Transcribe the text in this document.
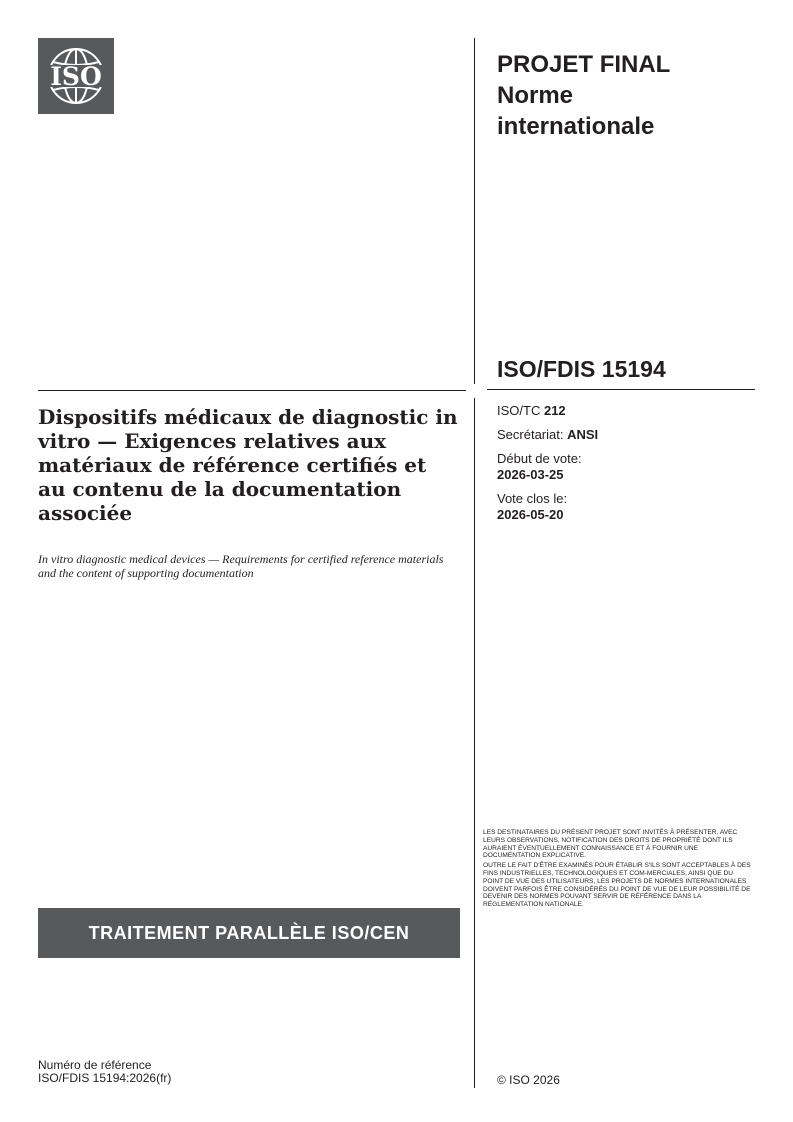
ISO	PROJET FINAL
Norme
internationale
ISO/FDIS 15194
ISO/TC 212
Secrétariat: ANSI
Début de vote:
2026-03-25
Vote clos le:
2026-05-20
Dispositifs médicaux de diagnostic in vitro — Exigences relatives aux matériaux de référence certifiés et au contenu de la documentation associée

In vitro diagnostic medical devices — Requirements for certified reference materials and the content of supporting documentation

TRAITEMENT PARALLÈLE ISO/CEN

LES DESTINATAIRES DU PRÉSENT PROJET SONT INVITÉS À PRÉSENTER, AVEC LEURS OBSERVATIONS, NOTIFICATION DES DROITS DE PROPRIÉTÉ DONT ILS AURAIENT ÉVENTUELLEMENT CONNAISSANCE ET À FOURNIR UNE DOCUMENTATION EXPLICATIVE.

OUTRE LE FAIT D'ÊTRE EXAMINÉS POUR ÉTABLIR S'ILS SONT ACCEPTABLES À DES FINS INDUSTRIELLES, TECHNOLOGIQUES ET COM-MERCIALES, AINSI QUE DU POINT DE VUE DES UTILISATEURS, LES PROJETS DE NORMES INTERNATIONALES DOIVENT PARFOIS ÊTRE CONSIDÉRÉS DU POINT DE VUE DE LEUR POSSIBILITÉ DE DEVENIR DES NORMES POUVANT SERVIR DE RÉFÉRENCE DANS LA RÉGLEMENTATION NATIONALE.

Numéro de référence
ISO/FDIS 15194:2026(fr)	© ISO 2026
